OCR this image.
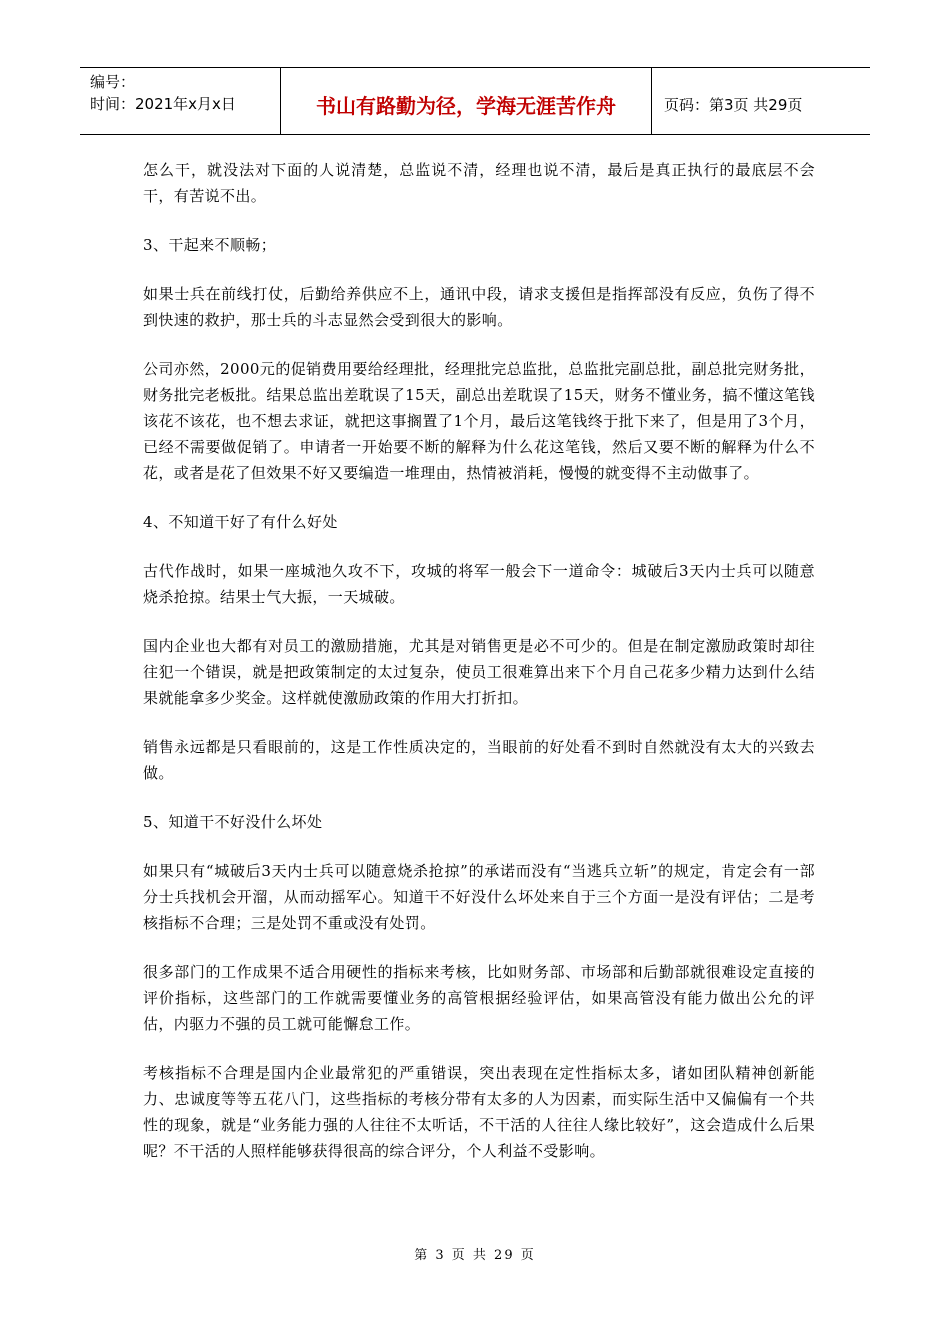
编号：
时间：2021年x月x日	书山有路勤为径，学海无涯苦作舟	页码：第3页 共29页

怎么干，就没法对下面的人说清楚，总监说不清，经理也说不清，最后是真正执行的最底层不会干，有苦说不出。

3、干起来不顺畅；

如果士兵在前线打仗，后勤给养供应不上，通讯中段，请求支援但是指挥部没有反应，负伤了得不到快速的救护，那士兵的斗志显然会受到很大的影响。

公司亦然，2000元的促销费用要给经理批，经理批完总监批，总监批完副总批，副总批完财务批，财务批完老板批。结果总监出差耽误了15天，副总出差耽误了15天，财务不懂业务，搞不懂这笔钱该花不该花，也不想去求证，就把这事搁置了1个月，最后这笔钱终于批下来了，但是用了3个月，已经不需要做促销了。申请者一开始要不断的解释为什么花这笔钱，然后又要不断的解释为什么不花，或者是花了但效果不好又要编造一堆理由，热情被消耗，慢慢的就变得不主动做事了。

4、不知道干好了有什么好处

古代作战时，如果一座城池久攻不下，攻城的将军一般会下一道命令：城破后3天内士兵可以随意烧杀抢掠。结果士气大振，一天城破。

国内企业也大都有对员工的激励措施，尤其是对销售更是必不可少的。但是在制定激励政策时却往往犯一个错误，就是把政策制定的太过复杂，使员工很难算出来下个月自己花多少精力达到什么结果就能拿多少奖金。这样就使激励政策的作用大打折扣。

销售永远都是只看眼前的，这是工作性质决定的，当眼前的好处看不到时自然就没有太大的兴致去做。

5、知道干不好没什么坏处

如果只有“城破后3天内士兵可以随意烧杀抢掠”的承诺而没有“当逃兵立斩”的规定，肯定会有一部分士兵找机会开溜，从而动摇军心。知道干不好没什么坏处来自于三个方面一是没有评估；二是考核指标不合理；三是处罚不重或没有处罚。

很多部门的工作成果不适合用硬性的指标来考核，比如财务部、市场部和后勤部就很难设定直接的评价指标，这些部门的工作就需要懂业务的高管根据经验评估，如果高管没有能力做出公允的评估，内驱力不强的员工就可能懈怠工作。

考核指标不合理是国内企业最常犯的严重错误，突出表现在定性指标太多，诸如团队精神创新能力、忠诚度等等五花八门，这些指标的考核分带有太多的人为因素，而实际生活中又偏偏有一个共性的现象，就是“业务能力强的人往往不太听话，不干活的人往往人缘比较好”，这会造成什么后果呢？不干活的人照样能够获得很高的综合评分，个人利益不受影响。

第 3 页 共 29 页
